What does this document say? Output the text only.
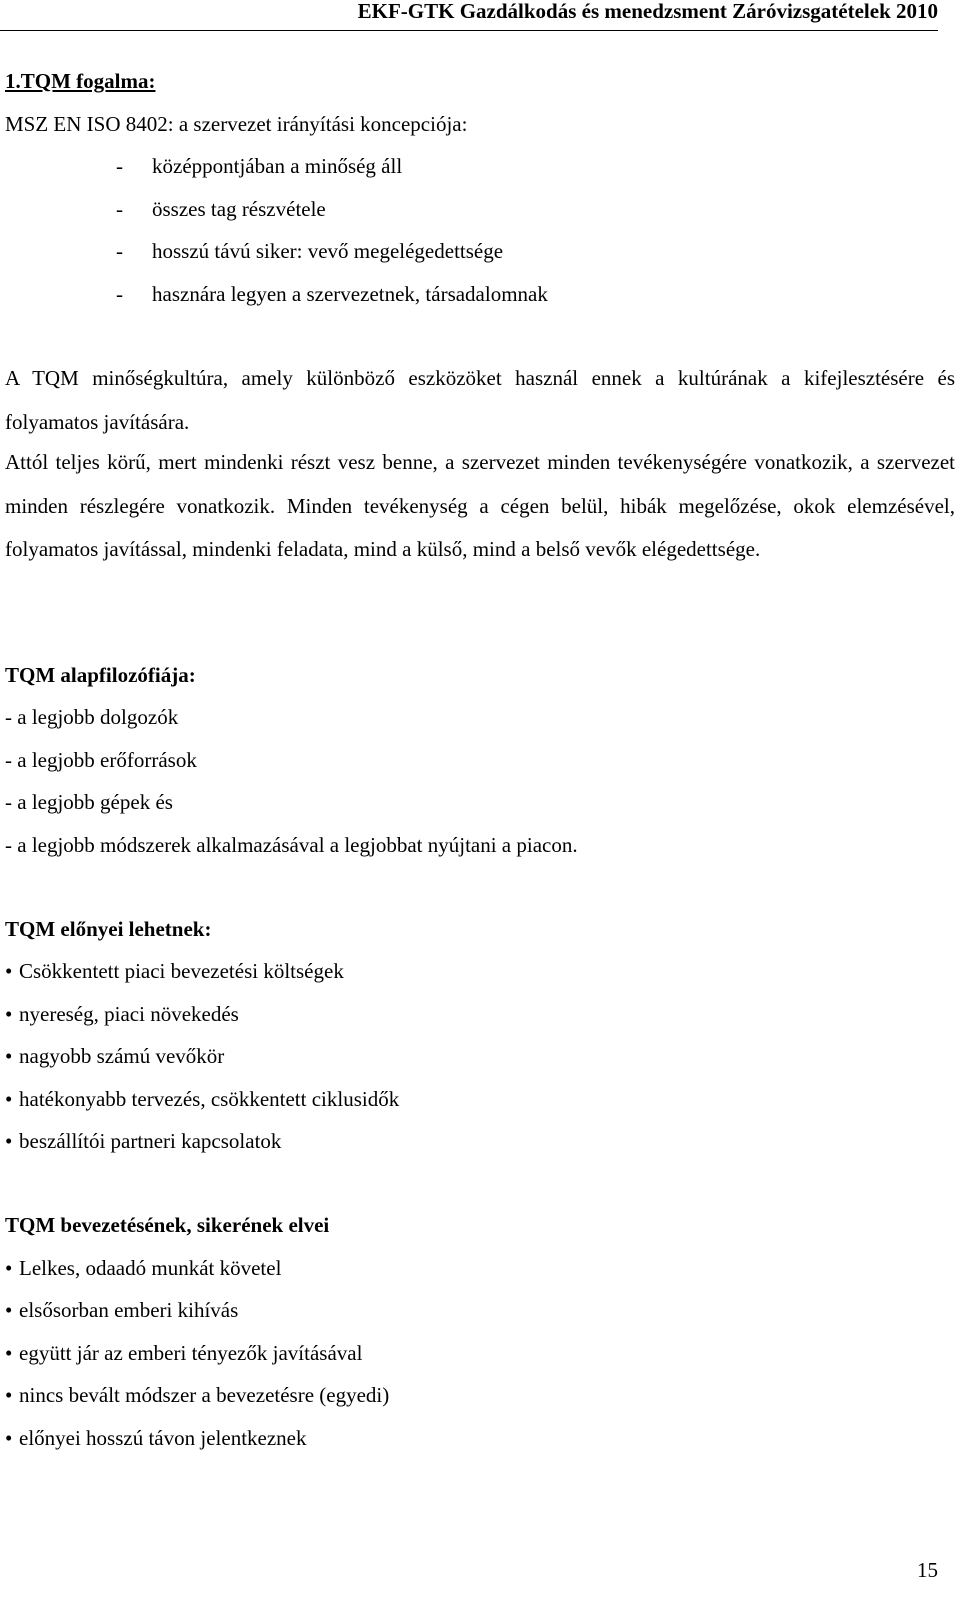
EKF-GTK Gazdálkodás és menedzsment Záróvizsgatételek 2010
1.TQM fogalma:
MSZ EN ISO 8402: a szervezet irányítási koncepciója:
- középpontjában a minőség áll
- összes tag részvétele
- hosszú távú siker: vevő megelégedettsége
- hasznára legyen a szervezetnek, társadalomnak
A TQM minőségkultúra, amely különböző eszközöket használ ennek a kultúrának a kifejlesztésére és folyamatos javítására.
Attól teljes körű, mert mindenki részt vesz benne, a szervezet minden tevékenységére vonatkozik, a szervezet minden részlegére vonatkozik. Minden tevékenység a cégen belül, hibák megelőzése, okok elemzésével, folyamatos javítással, mindenki feladata, mind a külső, mind a belső vevők elégedettsége.
TQM alapfilozófiája:
- a legjobb dolgozók
- a legjobb erőforrások
- a legjobb gépek és
- a legjobb módszerek alkalmazásával a legjobbat nyújtani a piacon.
TQM előnyei lehetnek:
• Csökkentett piaci bevezetési költségek
• nyereség, piaci növekedés
• nagyobb számú vevőkör
• hatékonyabb tervezés, csökkentett ciklusidők
• beszállítói partneri kapcsolatok
TQM bevezetésének, sikerének elvei
• Lelkes, odaadó munkát követel
• elsősorban emberi kihívás
• együtt jár az emberi tényezők javításával
• nincs bevált módszer a bevezetésre (egyedi)
• előnyei hosszú távon jelentkeznek
15
